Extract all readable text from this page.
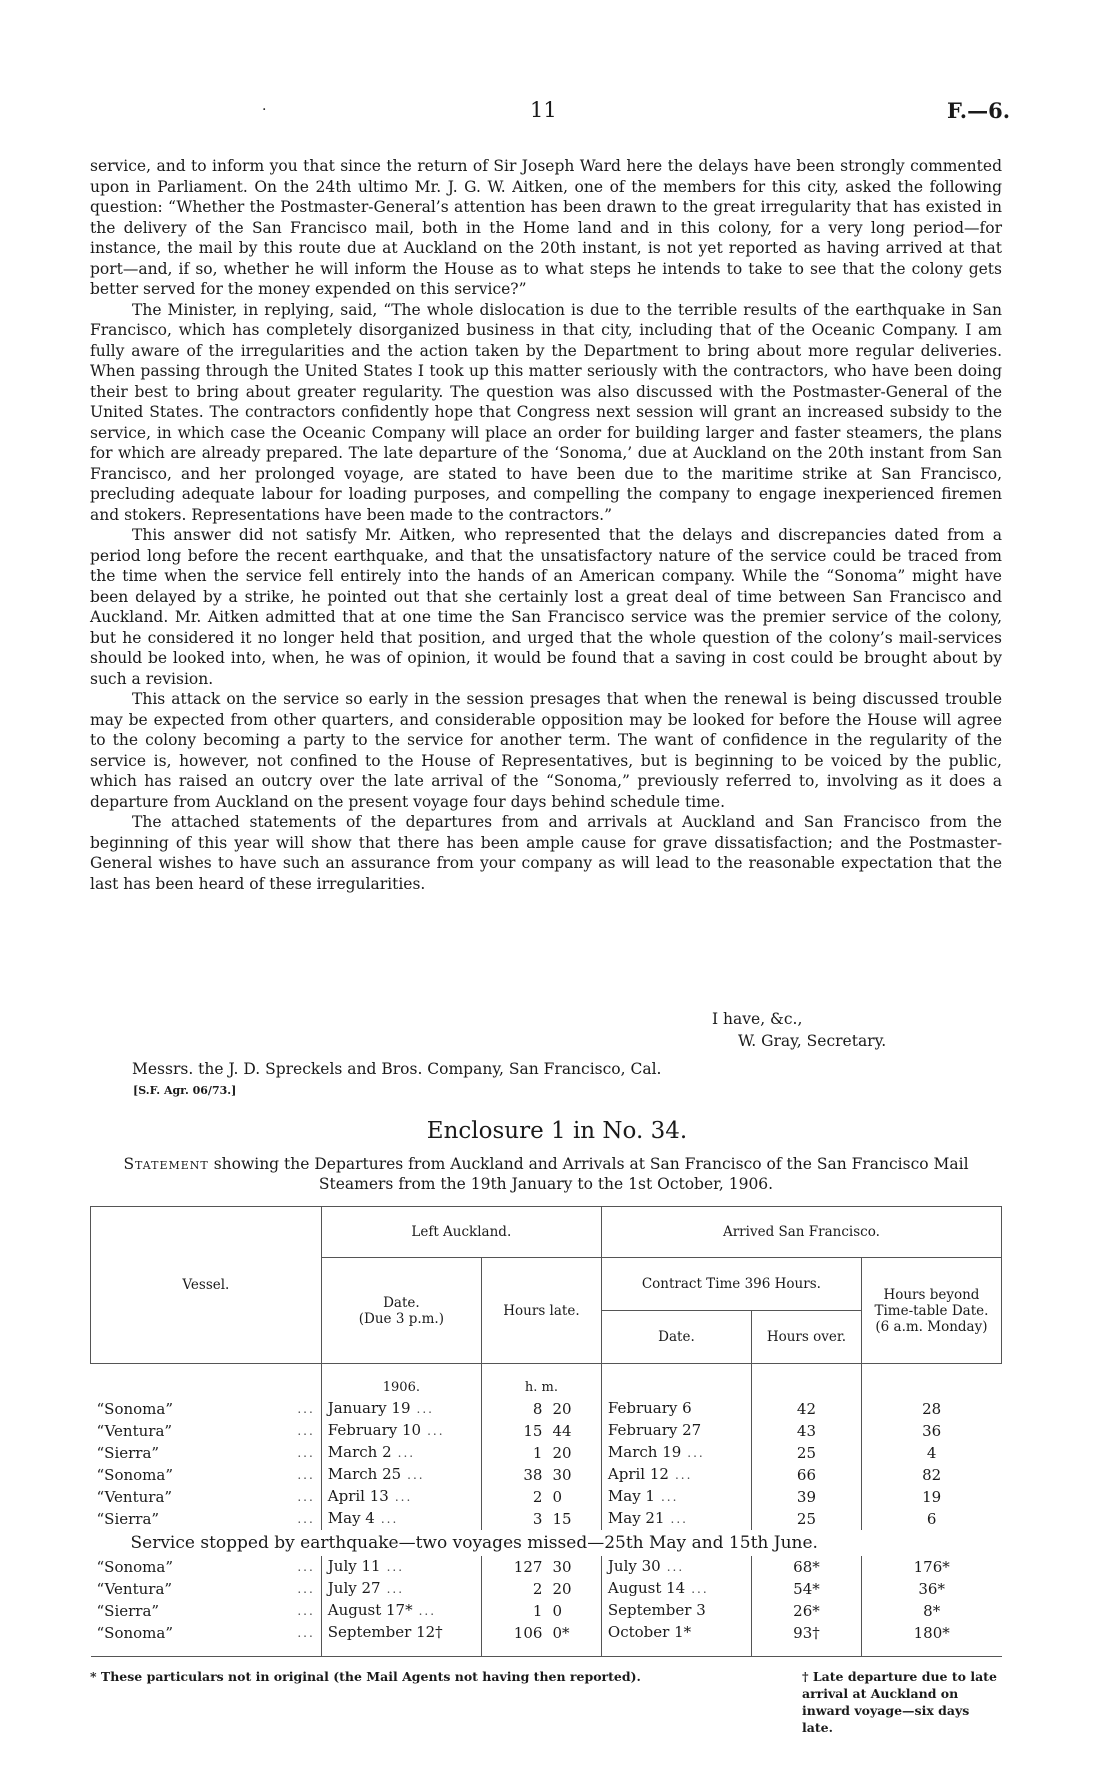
·	11	F.—6.

service, and to inform you that since the return of Sir Joseph Ward here the delays have been strongly commented upon in Parliament. On the 24th ultimo Mr. J. G. W. Aitken, one of the members for this city, asked the following question: “Whether the Postmaster-General’s attention has been drawn to the great irregularity that has existed in the delivery of the San Francisco mail, both in the Home land and in this colony, for a very long period—for instance, the mail by this route due at Auckland on the 20th instant, is not yet reported as having arrived at that port—and, if so, whether he will inform the House as to what steps he intends to take to see that the colony gets better served for the money expended on this service?”

The Minister, in replying, said, “The whole dislocation is due to the terrible results of the earthquake in San Francisco, which has completely disorganized business in that city, including that of the Oceanic Company. I am fully aware of the irregularities and the action taken by the Department to bring about more regular deliveries. When passing through the United States I took up this matter seriously with the contractors, who have been doing their best to bring about greater regularity. The question was also discussed with the Postmaster-General of the United States. The contractors confidently hope that Congress next session will grant an increased subsidy to the service, in which case the Oceanic Company will place an order for building larger and faster steamers, the plans for which are already prepared. The late departure of the ‘Sonoma,’ due at Auckland on the 20th instant from San Francisco, and her prolonged voyage, are stated to have been due to the maritime strike at San Francisco, precluding adequate labour for loading purposes, and compelling the company to engage inexperienced firemen and stokers. Representations have been made to the contractors.”

This answer did not satisfy Mr. Aitken, who represented that the delays and discrepancies dated from a period long before the recent earthquake, and that the unsatisfactory nature of the service could be traced from the time when the service fell entirely into the hands of an American company. While the “Sonoma” might have been delayed by a strike, he pointed out that she certainly lost a great deal of time between San Francisco and Auckland. Mr. Aitken admitted that at one time the San Francisco service was the premier service of the colony, but he considered it no longer held that position, and urged that the whole question of the colony’s mail-services should be looked into, when, he was of opinion, it would be found that a saving in cost could be brought about by such a revision.

This attack on the service so early in the session presages that when the renewal is being discussed trouble may be expected from other quarters, and considerable opposition may be looked for before the House will agree to the colony becoming a party to the service for another term. The want of confidence in the regularity of the service is, however, not confined to the House of Representatives, but is beginning to be voiced by the public, which has raised an outcry over the late arrival of the “Sonoma,” previously referred to, involving as it does a departure from Auckland on the present voyage four days behind schedule time.

The attached statements of the departures from and arrivals at Auckland and San Francisco from the beginning of this year will show that there has been ample cause for grave dissatisfaction; and the Postmaster-General wishes to have such an assurance from your company as will lead to the reasonable expectation that the last has been heard of these irregularities.

I have, &c.,
W. Gray, Secretary.
Messrs. the J. D. Spreckels and Bros. Company, San Francisco, Cal.
[S.F. Agr. 06/73.]
Enclosure 1 in No. 34.
Statement showing the Departures from Auckland and Arrivals at San Francisco of the San Francisco Mail Steamers from the 19th January to the 1st October, 1906.
Vessel.	Left Auckland.		Arrived San Francisco.		
	Date.
(Due 3 p.m.)	Hours late.	Contract Time 396 Hours.		Hours beyond Time-table Date. (6 a.m. Monday)
			Date.	Hours over.	

	1906.	h. m.			
“Sonoma” ...	January 19 ...	8 20	February 6	42	28
“Ventura” ...	February 10 ...	15 44	February 27	43	36
“Sierra” ...	March 2 ...	1 20	March 19 ...	25	4
“Sonoma” ...	March 25 ...	38 30	April 12 ...	66	82
“Ventura” ...	April 13 ...	2 0	May 1 ...	39	19
“Sierra” ...	May 4 ...	3 15	May 21 ...	25	6
Service stopped by earthquake—two voyages missed—25th May and 15th June.					
“Sonoma” ...	July 11 ...	127 30	July 30 ...	68*	176*
“Ventura” ...	July 27 ...	2 20	August 14 ...	54*	36*
“Sierra” ...	August 17* ...	1 0	September 3	26*	8*
“Sonoma” ...	September 12†	106 0*	October 1*	93†	180*

* These particulars not in original (the Mail Agents not having then reported).	† Late departure due to late arrival at Auckland on inward voyage—six days late.
